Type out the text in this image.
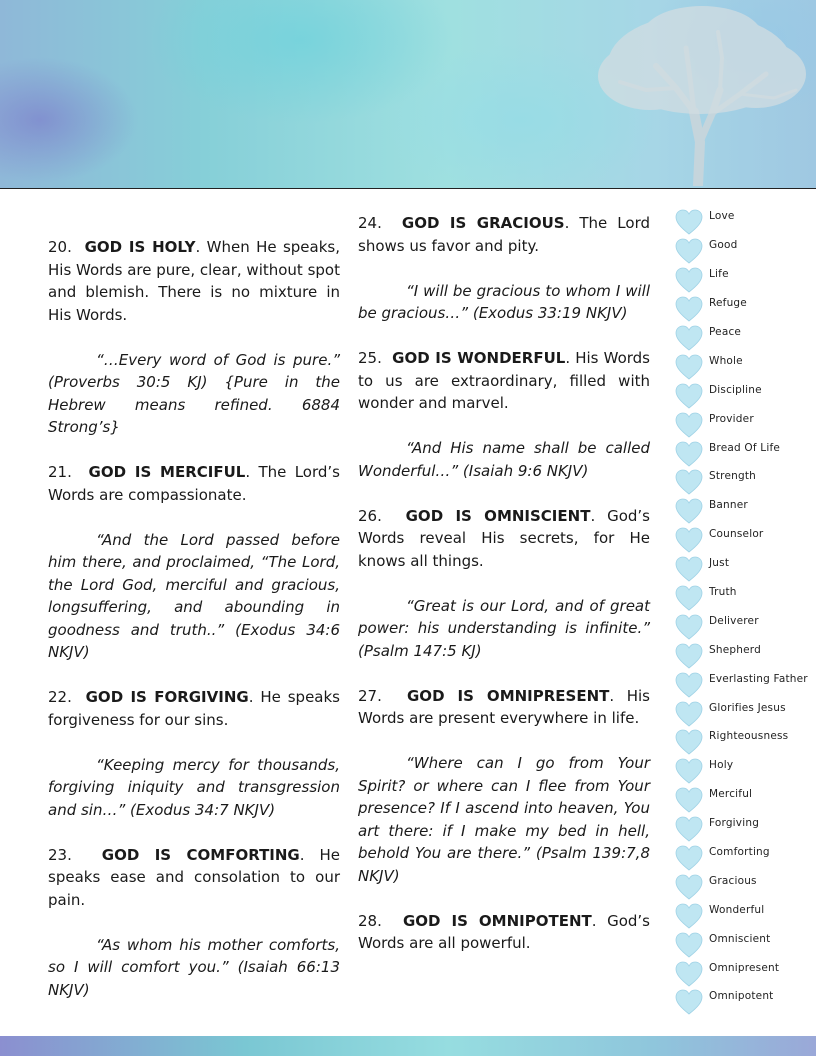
20. GOD IS HOLY. When He speaks, His Words are pure, clear, without spot and blemish. There is no mixture in His Words.

“…Every word of God is pure.” (Proverbs 30:5 KJ) {Pure in the Hebrew means refined. 6884 Strong’s}

21. GOD IS MERCIFUL. The Lord’s Words are compassionate.

“And the Lord passed before him there, and proclaimed, “The Lord, the Lord God, merciful and gracious, longsuffering, and abounding in goodness and truth..” (Exodus 34:6 NKJV)

22. GOD IS FORGIVING. He speaks forgiveness for our sins.

“Keeping mercy for thousands, forgiving iniquity and transgression and sin…” (Exodus 34:7 NKJV)

23. GOD IS COMFORTING. He speaks ease and consolation to our pain.

“As whom his mother comforts, so I will comfort you.” (Isaiah 66:13 NKJV)

24. GOD IS GRACIOUS. The Lord shows us favor and pity.

“I will be gracious to whom I will be gracious…” (Exodus 33:19 NKJV)

25. GOD IS WONDERFUL. His Words to us are extraordinary, filled with wonder and marvel.

“And His name shall be called Wonderful…” (Isaiah 9:6 NKJV)

26. GOD IS OMNISCIENT. God’s Words reveal His secrets, for He knows all things.

“Great is our Lord, and of great power: his understanding is infinite.” (Psalm 147:5 KJ)

27. GOD IS OMNIPRESENT. His Words are present everywhere in life.

“Where can I go from Your Spirit? or where can I flee from Your presence? If I ascend into heaven, You art there: if I make my bed in hell, behold You are there.” (Psalm 139:7,8 NKJV)

28. GOD IS OMNIPOTENT. God’s Words are all powerful.

Love
Good
Life
Refuge
Peace
Whole
Discipline
Provider
Bread Of Life
Strength
Banner
Counselor
Just
Truth
Deliverer
Shepherd
Everlasting Father
Glorifies Jesus
Righteousness
Holy
Merciful
Forgiving
Comforting
Gracious
Wonderful
Omniscient
Omnipresent
Omnipotent
